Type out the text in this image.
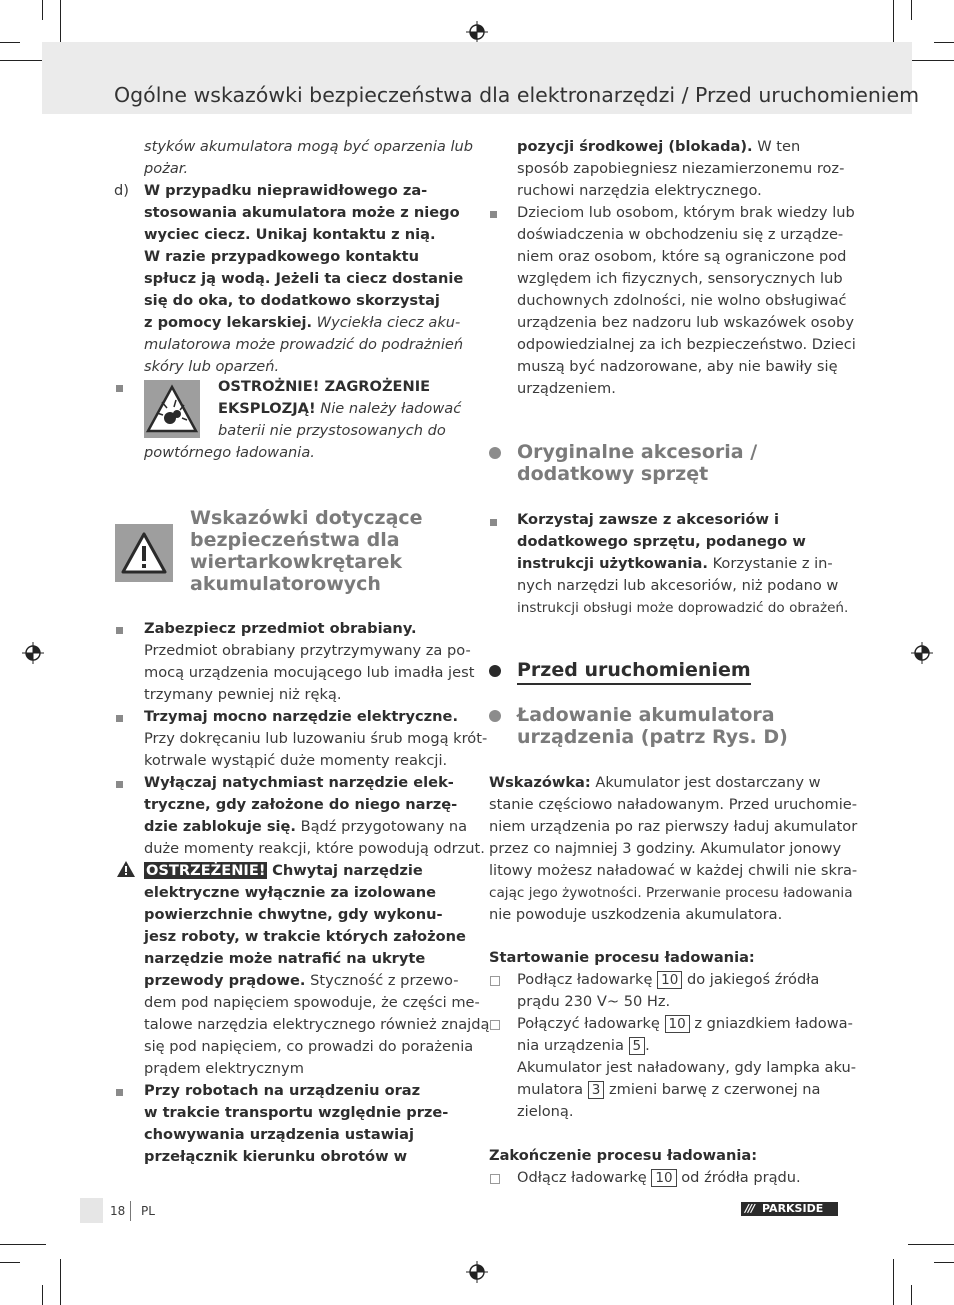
Ogólne wskazówki bezpieczeństwa dla elektronarzędzi / Przed uruchomieniem
styków akumulatora mogą być oparzenia lub
pożar.
d) W przypadku nieprawidłowego za-
stosowania akumulatora może z niego
wyciec ciecz. Unikaj kontaktu z nią.
W razie przypadkowego kontaktu
spłucz ją wodą. Jeżeli ta ciecz dostanie
się do oka, to dodatkowo skorzystaj
z pomocy lekarskiej. Wyciekła ciecz aku-
mulatorowa może prowadzić do podrażnień
skóry lub oparzeń.
OSTROŻNIE! ZAGROŻENIE
EKSPLOZJĄ! Nie należy ładować
baterii nie przystosowanych do
powtórnego ładowania.
Wskazówki dotyczące
bezpieczeństwa dla
wiertarkowkrętarek
akumulatorowych
Zabezpiecz przedmiot obrabiany.
Przedmiot obrabiany przytrzymywany za po-
mocą urządzenia mocującego lub imadła jest
trzymany pewniej niż ręką.
Trzymaj mocno narzędzie elektryczne.
Przy dokręcaniu lub luzowaniu śrub mogą krót-
kotrwale wystąpić duże momenty reakcji.
Wyłączaj natychmiast narzędzie elek-
tryczne, gdy założone do niego narzę-
dzie zablokuje się. Bądź przygotowany na
duże momenty reakcji, które powodują odrzut.
OSTRZEŻENIE! Chwytaj narzędzie
elektryczne wyłącznie za izolowane
powierzchnie chwytne, gdy wykonu-
jesz roboty, w trakcie których założone
narzędzie może natrafić na ukryte
przewody prądowe. Styczność z przewo-
dem pod napięciem spowoduje, że części me-
talowe narzędzia elektrycznego również znajdą
się pod napięciem, co prowadzi do porażenia
prądem elektrycznym
Przy robotach na urządzeniu oraz
w trakcie transportu względnie prze-
chowywania urządzenia ustawiaj
przełącznik kierunku obrotów w
pozycji środkowej (blokada). W ten
sposób zapobiegniesz niezamierzonemu roz-
ruchowi narzędzia elektrycznego.
Dzieciom lub osobom, którym brak wiedzy lub
doświadczenia w obchodzeniu się z urządze-
niem oraz osobom, które są ograniczone pod
względem ich fizycznych, sensorycznych lub
duchownych zdolności, nie wolno obsługiwać
urządzenia bez nadzoru lub wskazówek osoby
odpowiedzialnej za ich bezpieczeństwo. Dzieci
muszą być nadzorowane, aby nie bawiły się
urządzeniem.
Oryginalne akcesoria /
dodatkowy sprzęt
Korzystaj zawsze z akcesoriów i
dodatkowego sprzętu, podanego w
instrukcji użytkowania. Korzystanie z in-
nych narzędzi lub akcesoriów, niż podano w
instrukcji obsługi może doprowadzić do obrażeń.
Przed uruchomieniem
Ładowanie akumulatora
urządzenia (patrz Rys. D)
Wskazówka: Akumulator jest dostarczany w
stanie częściowo naładowanym. Przed uruchomie-
niem urządzenia po raz pierwszy ładuj akumulator
przez co najmniej 3 godziny. Akumulator jonowy
litowy możesz naładować w każdej chwili nie skra-
cając jego żywotności. Przerwanie procesu ładowania
nie powoduje uszkodzenia akumulatora.
Startowanie procesu ładowania:
Podłącz ładowarkę 10 do jakiegoś źródła
prądu 230 V~ 50 Hz.
Połączyć ładowarkę 10 z gniazdkiem ładowa-
nia urządzenia 5 .
Akumulator jest naładowany, gdy lampka aku-
mulatora 3 zmieni barwę z czerwonej na
zieloną.
Zakończenie procesu ładowania:
Odłącz ładowarkę 10 od źródła prądu.
18 PL	/// PARKSIDE
